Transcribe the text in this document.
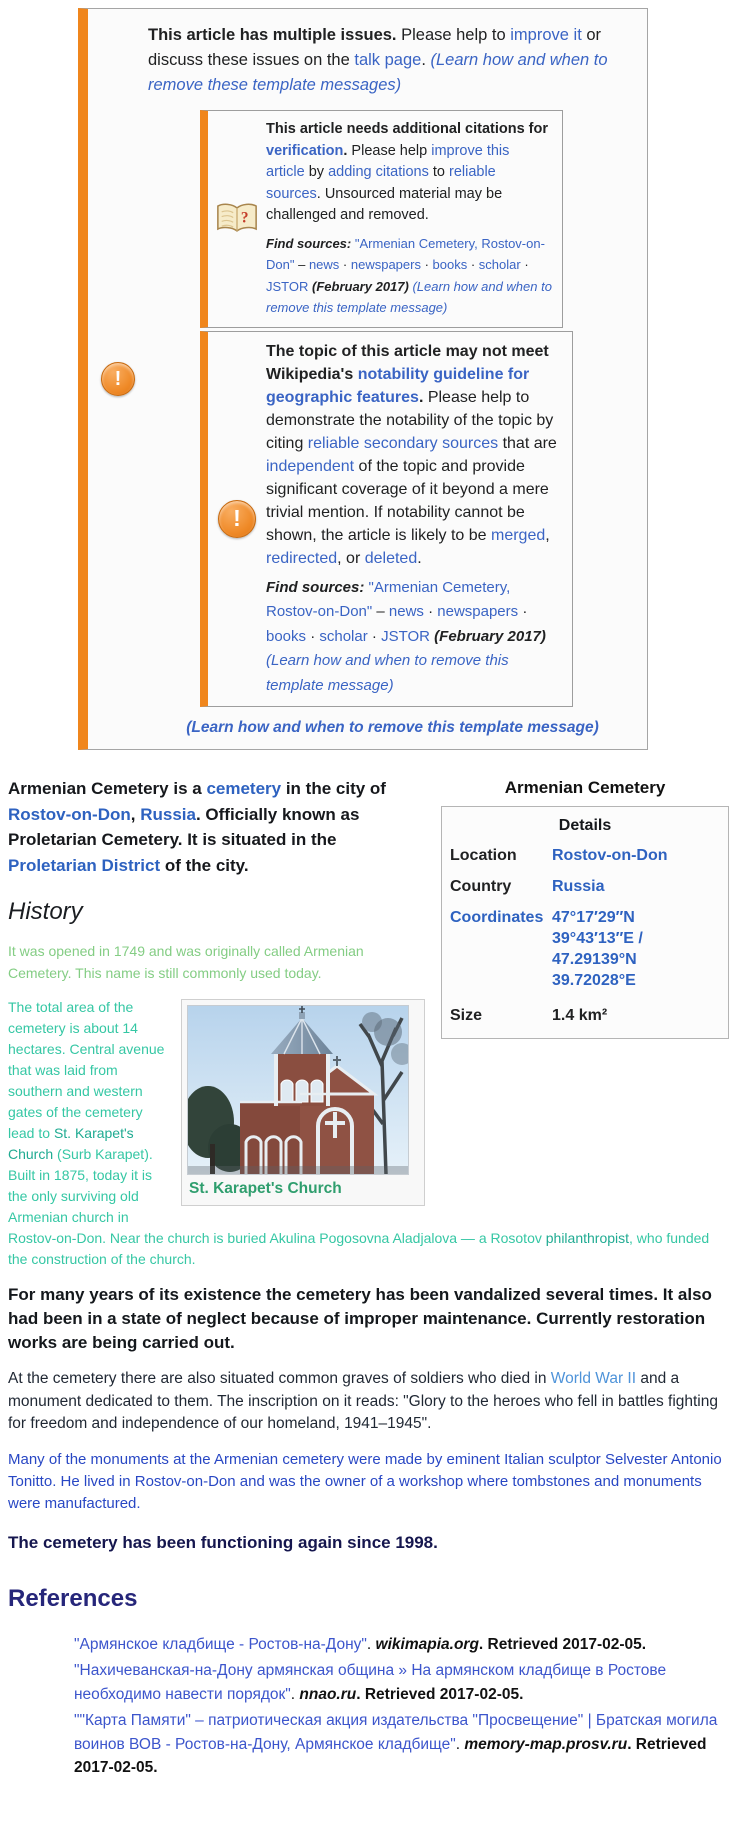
!

This article has multiple issues. Please help to improve it or discuss these issues on the talk page. (Learn how and when to remove these template messages)

?

This article needs additional citations for verification. Please help improve this article by adding citations to reliable sources. Unsourced material may be challenged and removed.

Find sources: "Armenian Cemetery, Rostov-on-Don" – news · newspapers · books · scholar · JSTOR (February 2017) (Learn how and when to remove this template message)

!

The topic of this article may not meet Wikipedia's notability guideline for geographic features. Please help to demonstrate the notability of the topic by citing reliable secondary sources that are independent of the topic and provide significant coverage of it beyond a mere trivial mention. If notability cannot be shown, the article is likely to be merged, redirected, or deleted.

Find sources: "Armenian Cemetery, Rostov-on-Don" – news · newspapers · books · scholar · JSTOR (February 2017) (Learn how and when to remove this template message)

(Learn how and when to remove this template message)

Armenian Cemetery
Details
Location	Rostov-on-Don
Country	Russia
Coordinates 47°17′29″N 39°43′13″E / 47.29139°N 39.72028°E
Size	1.4 km²

Armenian Cemetery is a cemetery in the city of Rostov-on-Don, Russia. Officially known as Proletarian Cemetery. It is situated in the Proletarian District of the city.

History

It was opened in 1749 and was originally called Armenian Cemetery. This name is still commonly used today.

St. Karapet's Church

The total area of the cemetery is about 14 hectares. Central avenue that was laid from southern and western gates of the cemetery lead to St. Karapet's Church (Surb Karapet). Built in 1875, today it is the only surviving old Armenian church in Rostov-on-Don. Near the church is buried Akulina Pogosovna Aladjalova — a Rosotov philanthropist, who funded the construction of the church.

For many years of its existence the cemetery has been vandalized several times. It also had been in a state of neglect because of improper maintenance. Currently restoration works are being carried out.

At the cemetery there are also situated common graves of soldiers who died in World War II and a monument dedicated to them. The inscription on it reads: "Glory to the heroes who fell in battles fighting for freedom and independence of our homeland, 1941–1945".

Many of the monuments at the Armenian cemetery were made by eminent Italian sculptor Selvester Antonio Tonitto. He lived in Rostov-on-Don and was the owner of a workshop where tombstones and monuments were manufactured.

The cemetery has been functioning again since 1998.

References
"Армянское кладбище - Ростов-на-Дону". wikimapia.org. Retrieved 2017-02-05.
"Нахичеванская-на-Дону армянская община » На армянском кладбище в Ростове необходимо навести порядок". nnao.ru. Retrieved 2017-02-05.
""Карта Памяти" – патриотическая акция издательства "Просвещение" | Братская могила воинов ВОВ - Ростов-на-Дону, Армянское кладбище". memory-map.prosv.ru. Retrieved 2017-02-05.
